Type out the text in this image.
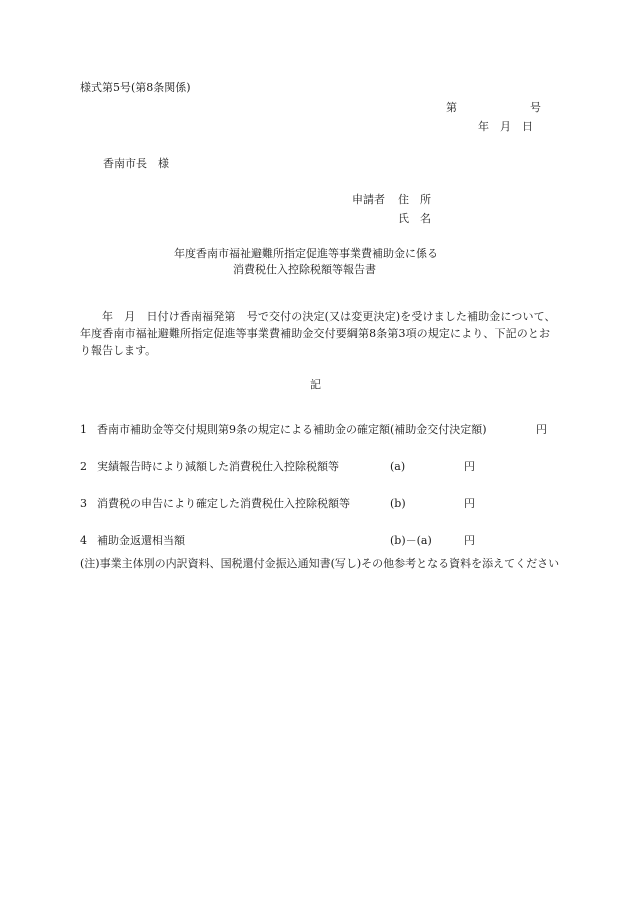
様式第5号(第8条関係)
第	号
年　月　日
香南市長　様
申請者 住　所
氏　名
年度香南市福祉避難所指定促進等事業費補助金に係る
消費税仕入控除税額等報告書
年　月　日付け香南福発第　号で交付の決定(又は変更決定)を受けました補助金について、　　年度香南市福祉避難所指定促進等事業費補助金交付要綱第8条第3項の規定により、下記のとおり報告します。
記
1 香南市補助金等交付規則第9条の規定による補助金の確定額(補助金交付決定額)	円
2 実績報告時により減額した消費税仕入控除税額等	(a)	円
3 消費税の申告により確定した消費税仕入控除税額等	(b)	円
4 補助金返還相当額	(b)－(a)	円
(注)事業主体別の内訳資料、国税還付金振込通知書(写し)その他参考となる資料を添えてください
